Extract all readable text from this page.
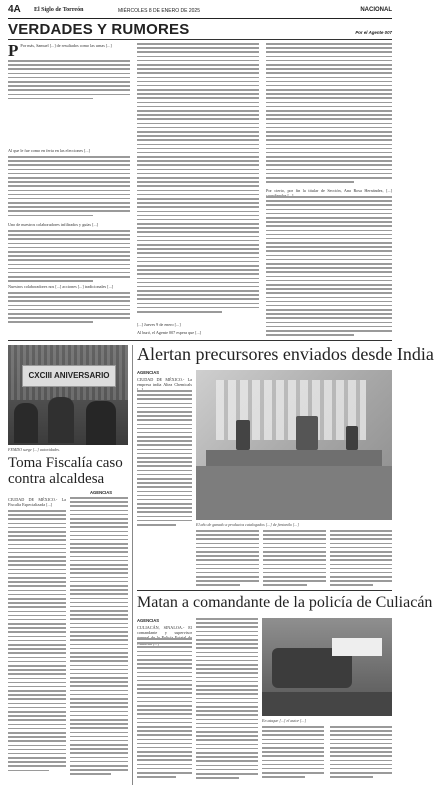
4A El Siglo de Torreón	MIÉRCOLES 8 DE ENERO DE 2025	NACIONAL
VERDADES Y RUMORES	Por el Agente 007
P Por más, Samuel [...] de resultados como las urnas [...]
Al que le fue como en feria en las elecciones [...]
Uno de nuestros colaboradores infiltrados y guías [...]
Nuestros colaboradores nos [...] acciones [...] tradicionales [...]
[...] Jueves 9 de enero [...]
Al buró, el Agente 007 espera que [...]
Por cierto, por fin la titular de Sección, Ana Rosa Hernández, [...]
CXCIII ANIVERSARIO
FEMDO surge [...] autoridades.
Toma Fiscalía caso contra alcaldesa
AGENCIAS
CIUDAD DE MÉXICO.- La Fiscalía Especializada [...]
Alertan precursores enviados desde India
AGENCIAS
CIUDAD DE MÉXICO.- La empresa india Altea Chemicals
El año de ganado a productos catalogados [...] de fentanilo [...]
Matan a comandante de la policía de Culiacán
AGENCIAS
CULIACÁN, SINALOA.- El comandante y supervisor
En ataque [...] el autor [...]
